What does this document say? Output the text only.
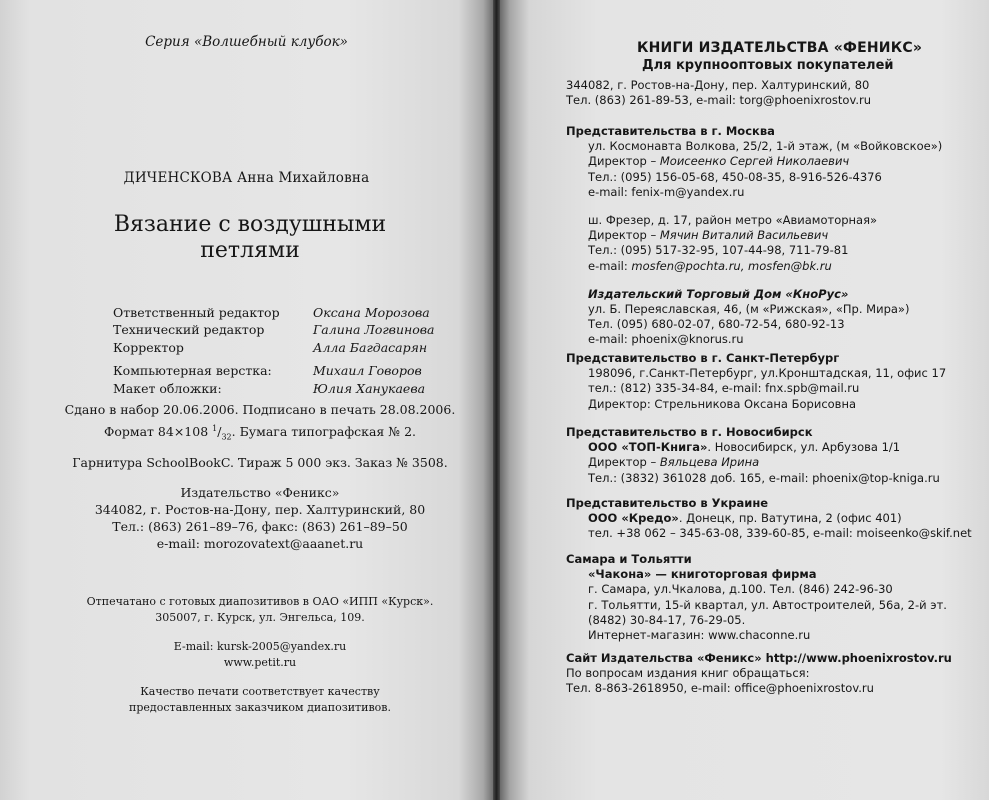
Серия «Волшебный клубок»
ДИЧЕНСКОВА Анна Михайловна
Вязание с воздушными
петлями
Ответственный редактор	Оксана Морозова
Технический редактор	Галина Логвинова
Корректор	Алла Багдасарян
Компьютерная верстка:	Михаил Говоров
Макет обложки:	Юлия Ханукаева
Сдано в набор 20.06.2006. Подписано в печать 28.08.2006.
Формат 84×108 $^1/_{32}$. Бумага типографская № 2.
Гарнитура SchoolBookC. Тираж 5 000 экз. Заказ № 3508.
Издательство «Феникс»
344082, г. Ростов-на-Дону, пер. Халтуринский, 80
Тел.: (863) 261–89–76, факс: (863) 261–89–50
e-mail: morozovatext@aaanet.ru
Отпечатано с готовых диапозитивов в ОАО «ИПП «Курск».
305007, г. Курск, ул. Энгельса, 109.
E-mail: kursk-2005@yandex.ru
www.petit.ru
Качество печати соответствует качеству
предоставленных заказчиком диапозитивов.
КНИГИ ИЗДАТЕЛЬСТВА «ФЕНИКС»
Для крупнооптовых покупателей
344082, г. Ростов-на-Дону, пер. Халтуринский, 80
Тел. (863) 261-89-53, e-mail: torg@phoenixrostov.ru
Представительства в г. Москва
ул. Космонавта Волкова, 25/2, 1-й этаж, (м «Войковское»)
Директор – Моисеенко Сергей Николаевич
Тел.: (095) 156-05-68, 450-08-35, 8-916-526-4376
e-mail: fenix-m@yandex.ru
ш. Фрезер, д. 17, район метро «Авиамоторная»
Директор – Мячин Виталий Васильевич
Тел.: (095) 517-32-95, 107-44-98, 711-79-81
e-mail: mosfen@pochta.ru, mosfen@bk.ru
Издательский Торговый Дом «КноРус»
ул. Б. Переяславская, 46, (м «Рижская», «Пр. Мира»)
Тел. (095) 680-02-07, 680-72-54, 680-92-13
e-mail: phoenix@knorus.ru
Представительство в г. Санкт-Петербург
198096, г.Санкт-Петербург, ул.Кронштадская, 11, офис 17
тел.: (812) 335-34-84, e-mail: fnx.spb@mail.ru
Директор: Стрельникова Оксана Борисовна
Представительство в г. Новосибирск
ООО «ТОП-Книга». Новосибирск, ул. Арбузова 1/1
Директор – Вяльцева Ирина
Тел.: (3832) 361028 доб. 165, e-mail: phoenix@top-kniga.ru
Представительство в Украине
ООО «Кредо». Донецк, пр. Ватутина, 2 (офис 401)
тел. +38 062 – 345-63-08, 339-60-85, e-mail: moiseenko@skif.net
Самара и Тольятти
«Чакона» — книготорговая фирма
г. Самара, ул.Чкалова, д.100. Тел. (846) 242-96-30
г. Тольятти, 15-й квартал, ул. Автостроителей, 56а, 2-й эт.
(8482) 30-84-17, 76-29-05.
Интернет-магазин: www.chaconne.ru
Сайт Издательства «Феникс» http://www.phoenixrostov.ru
По вопросам издания книг обращаться:
Тел. 8-863-2618950, e-mail: office@phoenixrostov.ru
